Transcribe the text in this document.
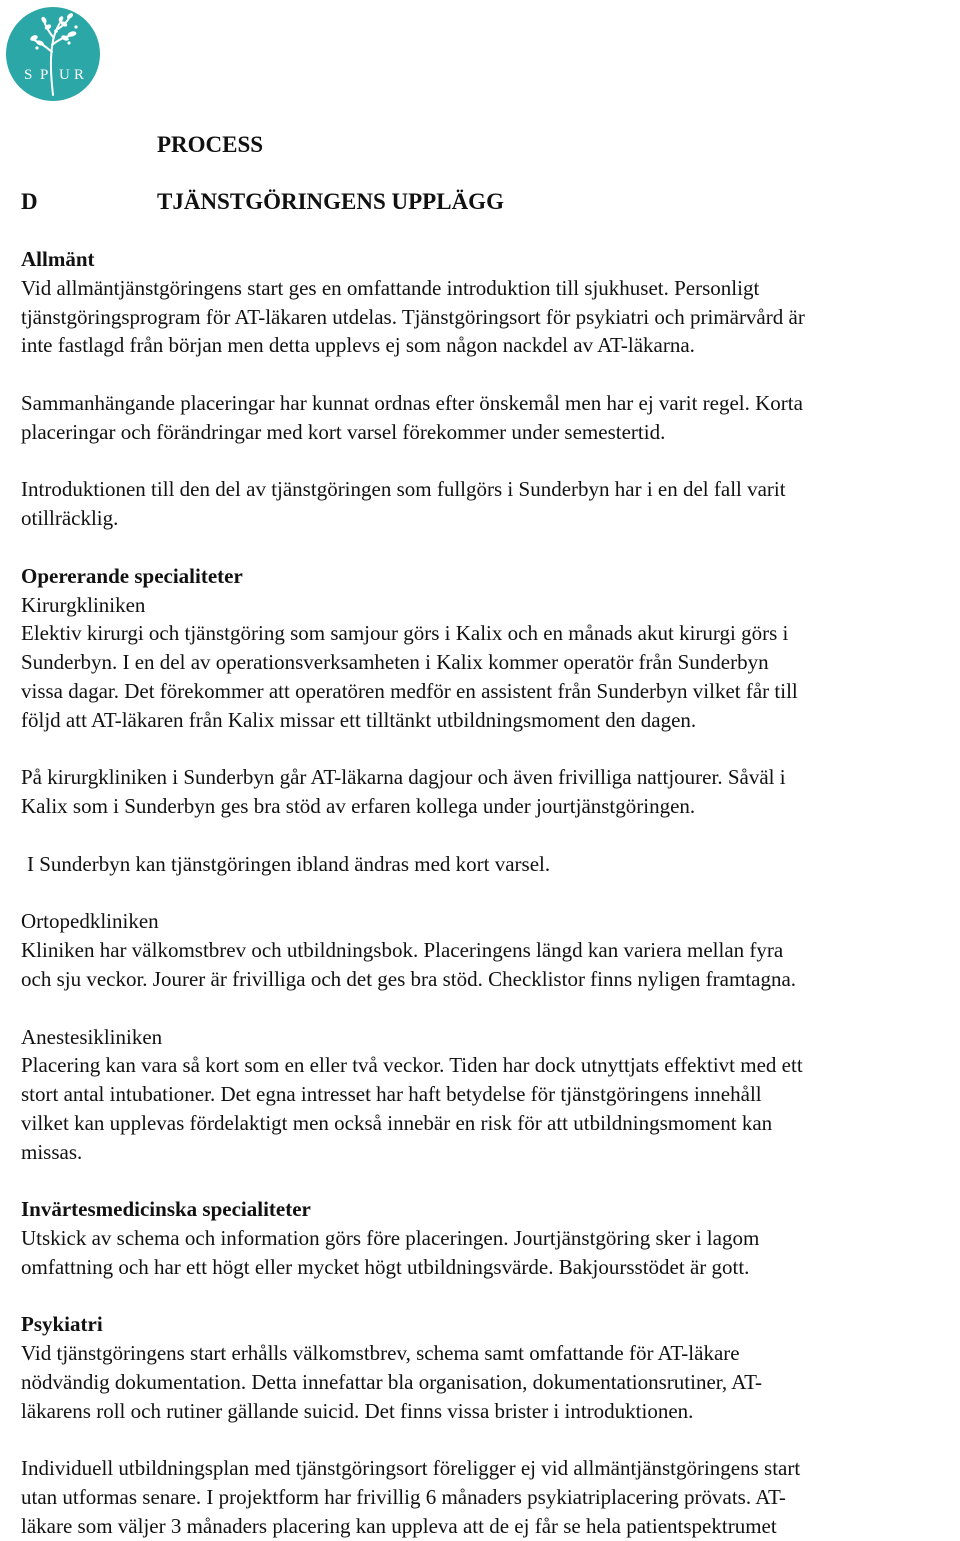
S P U R
PROCESS
D	TJÄNSTGÖRINGENS UPPLÄGG

Allmänt
Vid allmäntjänstgöringens start ges en omfattande introduktion till sjukhuset. Personligt
tjänstgöringsprogram för AT-läkaren utdelas. Tjänstgöringsort för psykiatri och primärvård är
inte fastlagd från början men detta upplevs ej som någon nackdel av AT-läkarna.

Sammanhängande placeringar har kunnat ordnas efter önskemål men har ej varit regel. Korta
placeringar och förändringar med kort varsel förekommer under semestertid.

Introduktionen till den del av tjänstgöringen som fullgörs i Sunderbyn har i en del fall varit
otillräcklig.

Opererande specialiteter
Kirurgkliniken
Elektiv kirurgi och tjänstgöring som samjour görs i Kalix och en månads akut kirurgi görs i
Sunderbyn. I en del av operationsverksamheten i Kalix kommer operatör från Sunderbyn
vissa dagar. Det förekommer att operatören medför en assistent från Sunderbyn vilket får till
följd att AT-läkaren från Kalix missar ett tilltänkt utbildningsmoment den dagen.

På kirurgkliniken i Sunderbyn går AT-läkarna dagjour och även frivilliga nattjourer. Såväl i
Kalix som i Sunderbyn ges bra stöd av erfaren kollega under jourtjänstgöringen.

I Sunderbyn kan tjänstgöringen ibland ändras med kort varsel.

Ortopedkliniken
Kliniken har välkomstbrev och utbildningsbok. Placeringens längd kan variera mellan fyra
och sju veckor. Jourer är frivilliga och det ges bra stöd. Checklistor finns nyligen framtagna.

Anestesikliniken
Placering kan vara så kort som en eller två veckor. Tiden har dock utnyttjats effektivt med ett
stort antal intubationer. Det egna intresset har haft betydelse för tjänstgöringens innehåll
vilket kan upplevas fördelaktigt men också innebär en risk för att utbildningsmoment kan
missas.

Invärtesmedicinska specialiteter
Utskick av schema och information görs före placeringen. Jourtjänstgöring sker i lagom
omfattning och har ett högt eller mycket högt utbildningsvärde. Bakjoursstödet är gott.

Psykiatri
Vid tjänstgöringens start erhålls välkomstbrev, schema samt omfattande för AT-läkare
nödvändig dokumentation. Detta innefattar bla organisation, dokumentationsrutiner, AT-
läkarens roll och rutiner gällande suicid. Det finns vissa brister i introduktionen.

Individuell utbildningsplan med tjänstgöringsort föreligger ej vid allmäntjänstgöringens start
utan utformas senare. I projektform har frivillig 6 månaders psykiatriplacering prövats. AT-
läkare som väljer 3 månaders placering kan uppleva att de ej får se hela patientspektrumet
